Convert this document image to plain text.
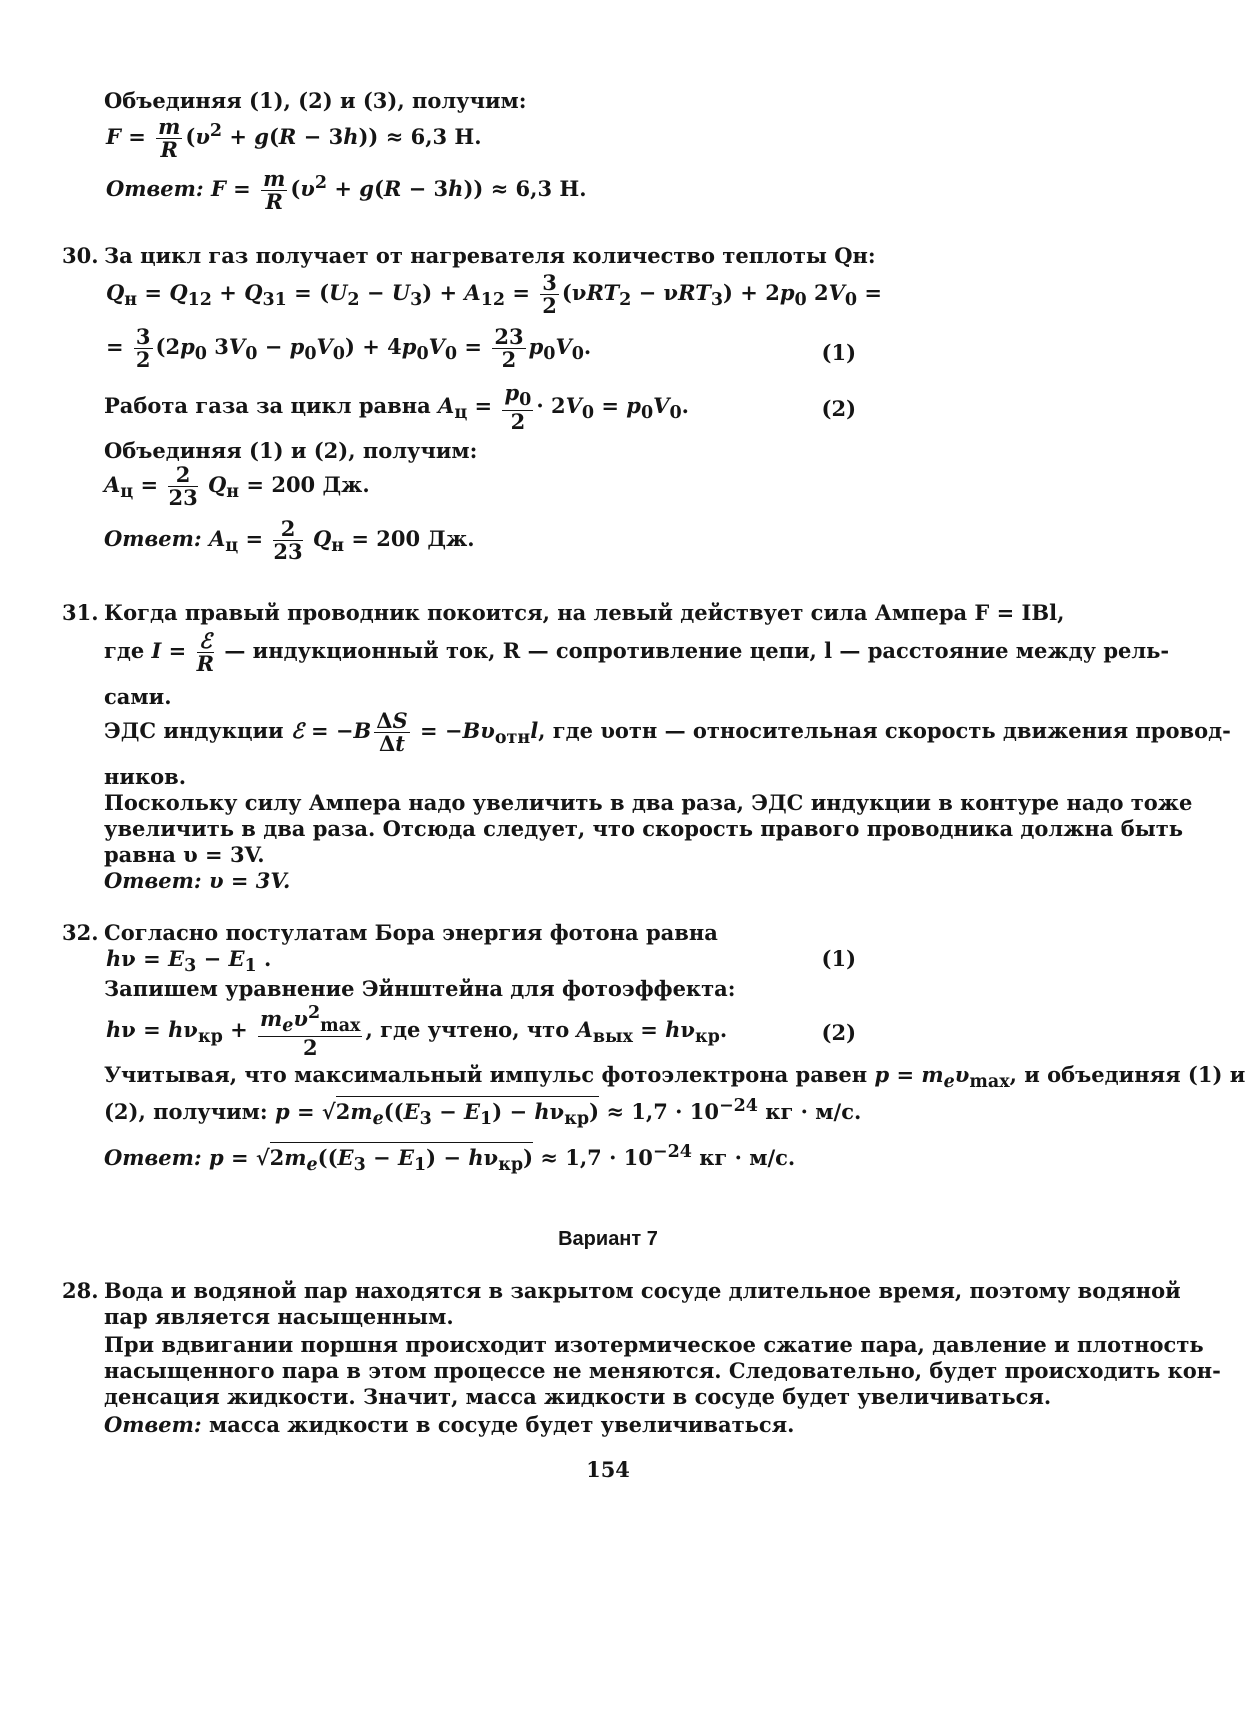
Объединяя (1), (2) и (3), получим:
$F = \frac{m}{R} (\upsilon^2 + g(R - 3h)) \approx 6,3$ Н.
Ответ: $F = \frac{m}{R} (\upsilon^2 + g(R - 3h)) \approx 6,3$ Н.
30. За цикл газ получает от нагревателя количество теплоты Qн:
$Q_н = Q_{12} + Q_{31} = (U_2 - U_3) + A_{12} = \frac{3}{2} (\nu RT_2 - \nu RT_3) + 2p_0$ $2V_0$ =
= $\frac{3}{2} (2p_0$ $3V_0 - p_0V_0) + 4p_0V_0 = \frac{23}{2} p_0V_0$.	(1)
Работа газа за цикл равна $A_ц = \frac{p_0}{2} \cdot 2V_0 = p_0V_0$.	(2)
Объединяя (1) и (2), получим:
$A_ц = \frac{2}{23} Q_н = 200$ Дж.
Ответ: $A_ц = \frac{2}{23} Q_н = 200$ Дж.
31. Когда правый проводник покоится, на левый действует сила Ампера F = IBl,
где $I = \frac{\text{ℰ}}{R}$ — индукционный ток, R — сопротивление цепи, l — расстояние между рель-
сами.
ЭДС индукции ℰ = $-B \frac{\Delta S}{\Delta t} = -B\upsilon_{отн}l$, где υотн — относительная скорость движения провод-
ников.
Поскольку силу Ампера надо увеличить в два раза, ЭДС индукции в контуре надо тоже
увеличить в два раза. Отсюда следует, что скорость правого проводника должна быть
равна υ = 3V.
Ответ: υ = 3V.
32. Согласно постулатам Бора энергия фотона равна
$h\nu = E_3 - E_1$ .	(1)
Запишем уравнение Эйнштейна для фотоэффекта:
$h\nu = h\nu_{кр} + \frac{m_e\upsilon^2_{max}}{2}$ , где учтено, что $A_{вых} = h\nu_{кр}$.	(2)
Учитывая, что максимальный импульс фотоэлектрона равен $p = m_e\upsilon_{max}$, и объединяя (1) и
(2), получим: $p = √2m_e((E_3 - E_1) - h\nu_{кр}) \approx 1,7 \cdot 10^{-24}$ кг · м/с.
Ответ: $p = √2m_e((E_3 - E_1) - h\nu_{кр}) \approx 1,7 \cdot 10^{-24}$ кг · м/с.
Вариант 7
28. Вода и водяной пар находятся в закрытом сосуде длительное время, поэтому водяной
пар является насыщенным.
При вдвигании поршня происходит изотермическое сжатие пара, давление и плотность
насыщенного пара в этом процессе не меняются. Следовательно, будет происходить кон-
денсация жидкости. Значит, масса жидкости в сосуде будет увеличиваться.
Ответ: масса жидкости в сосуде будет увеличиваться.
154
